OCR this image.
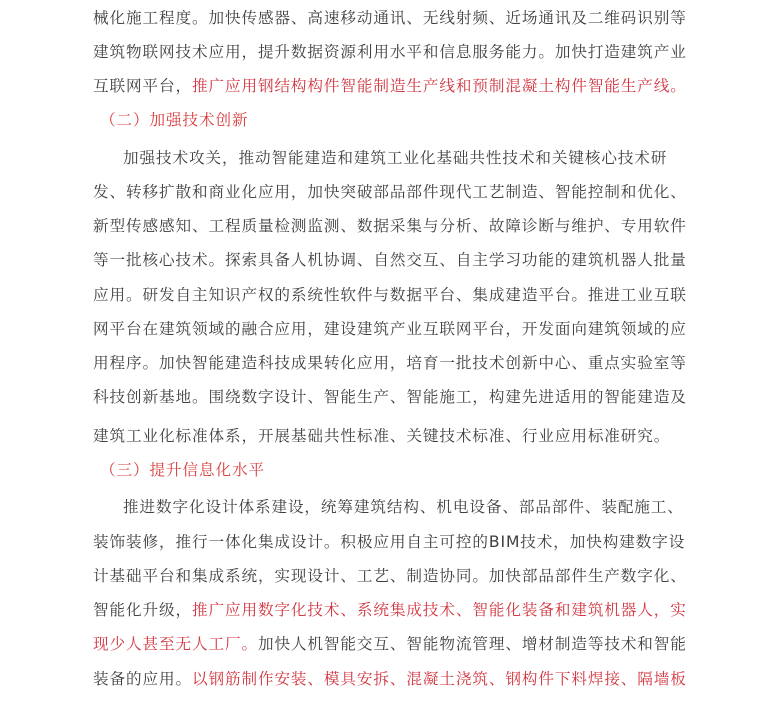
械化施工程度。加快传感器、高速移动通讯、无线射频、近场通讯及二维码识别等
建筑物联网技术应用，提升数据资源利用水平和信息服务能力。加快打造建筑产业
互联网平台，推广应用钢结构构件智能制造生产线和预制混凝土构件智能生产线。
（二）加强技术创新
加强技术攻关，推动智能建造和建筑工业化基础共性技术和关键核心技术研
发、转移扩散和商业化应用，加快突破部品部件现代工艺制造、智能控制和优化、
新型传感感知、工程质量检测监测、数据采集与分析、故障诊断与维护、专用软件
等一批核心技术。探索具备人机协调、自然交互、自主学习功能的建筑机器人批量
应用。研发自主知识产权的系统性软件与数据平台、集成建造平台。推进工业互联
网平台在建筑领域的融合应用，建设建筑产业互联网平台，开发面向建筑领域的应
用程序。加快智能建造科技成果转化应用，培育一批技术创新中心、重点实验室等
科技创新基地。围绕数字设计、智能生产、智能施工，构建先进适用的智能建造及
建筑工业化标准体系，开展基础共性标准、关键技术标准、行业应用标准研究。
（三）提升信息化水平
推进数字化设计体系建设，统筹建筑结构、机电设备、部品部件、装配施工、
装饰装修，推行一体化集成设计。积极应用自主可控的BIM技术，加快构建数字设
计基础平台和集成系统，实现设计、工艺、制造协同。加快部品部件生产数字化、
智能化升级，推广应用数字化技术、系统集成技术、智能化装备和建筑机器人，实
现少人甚至无人工厂。加快人机智能交互、智能物流管理、增材制造等技术和智能
装备的应用。以钢筋制作安装、模具安拆、混凝土浇筑、钢构件下料焊接、隔墙板
